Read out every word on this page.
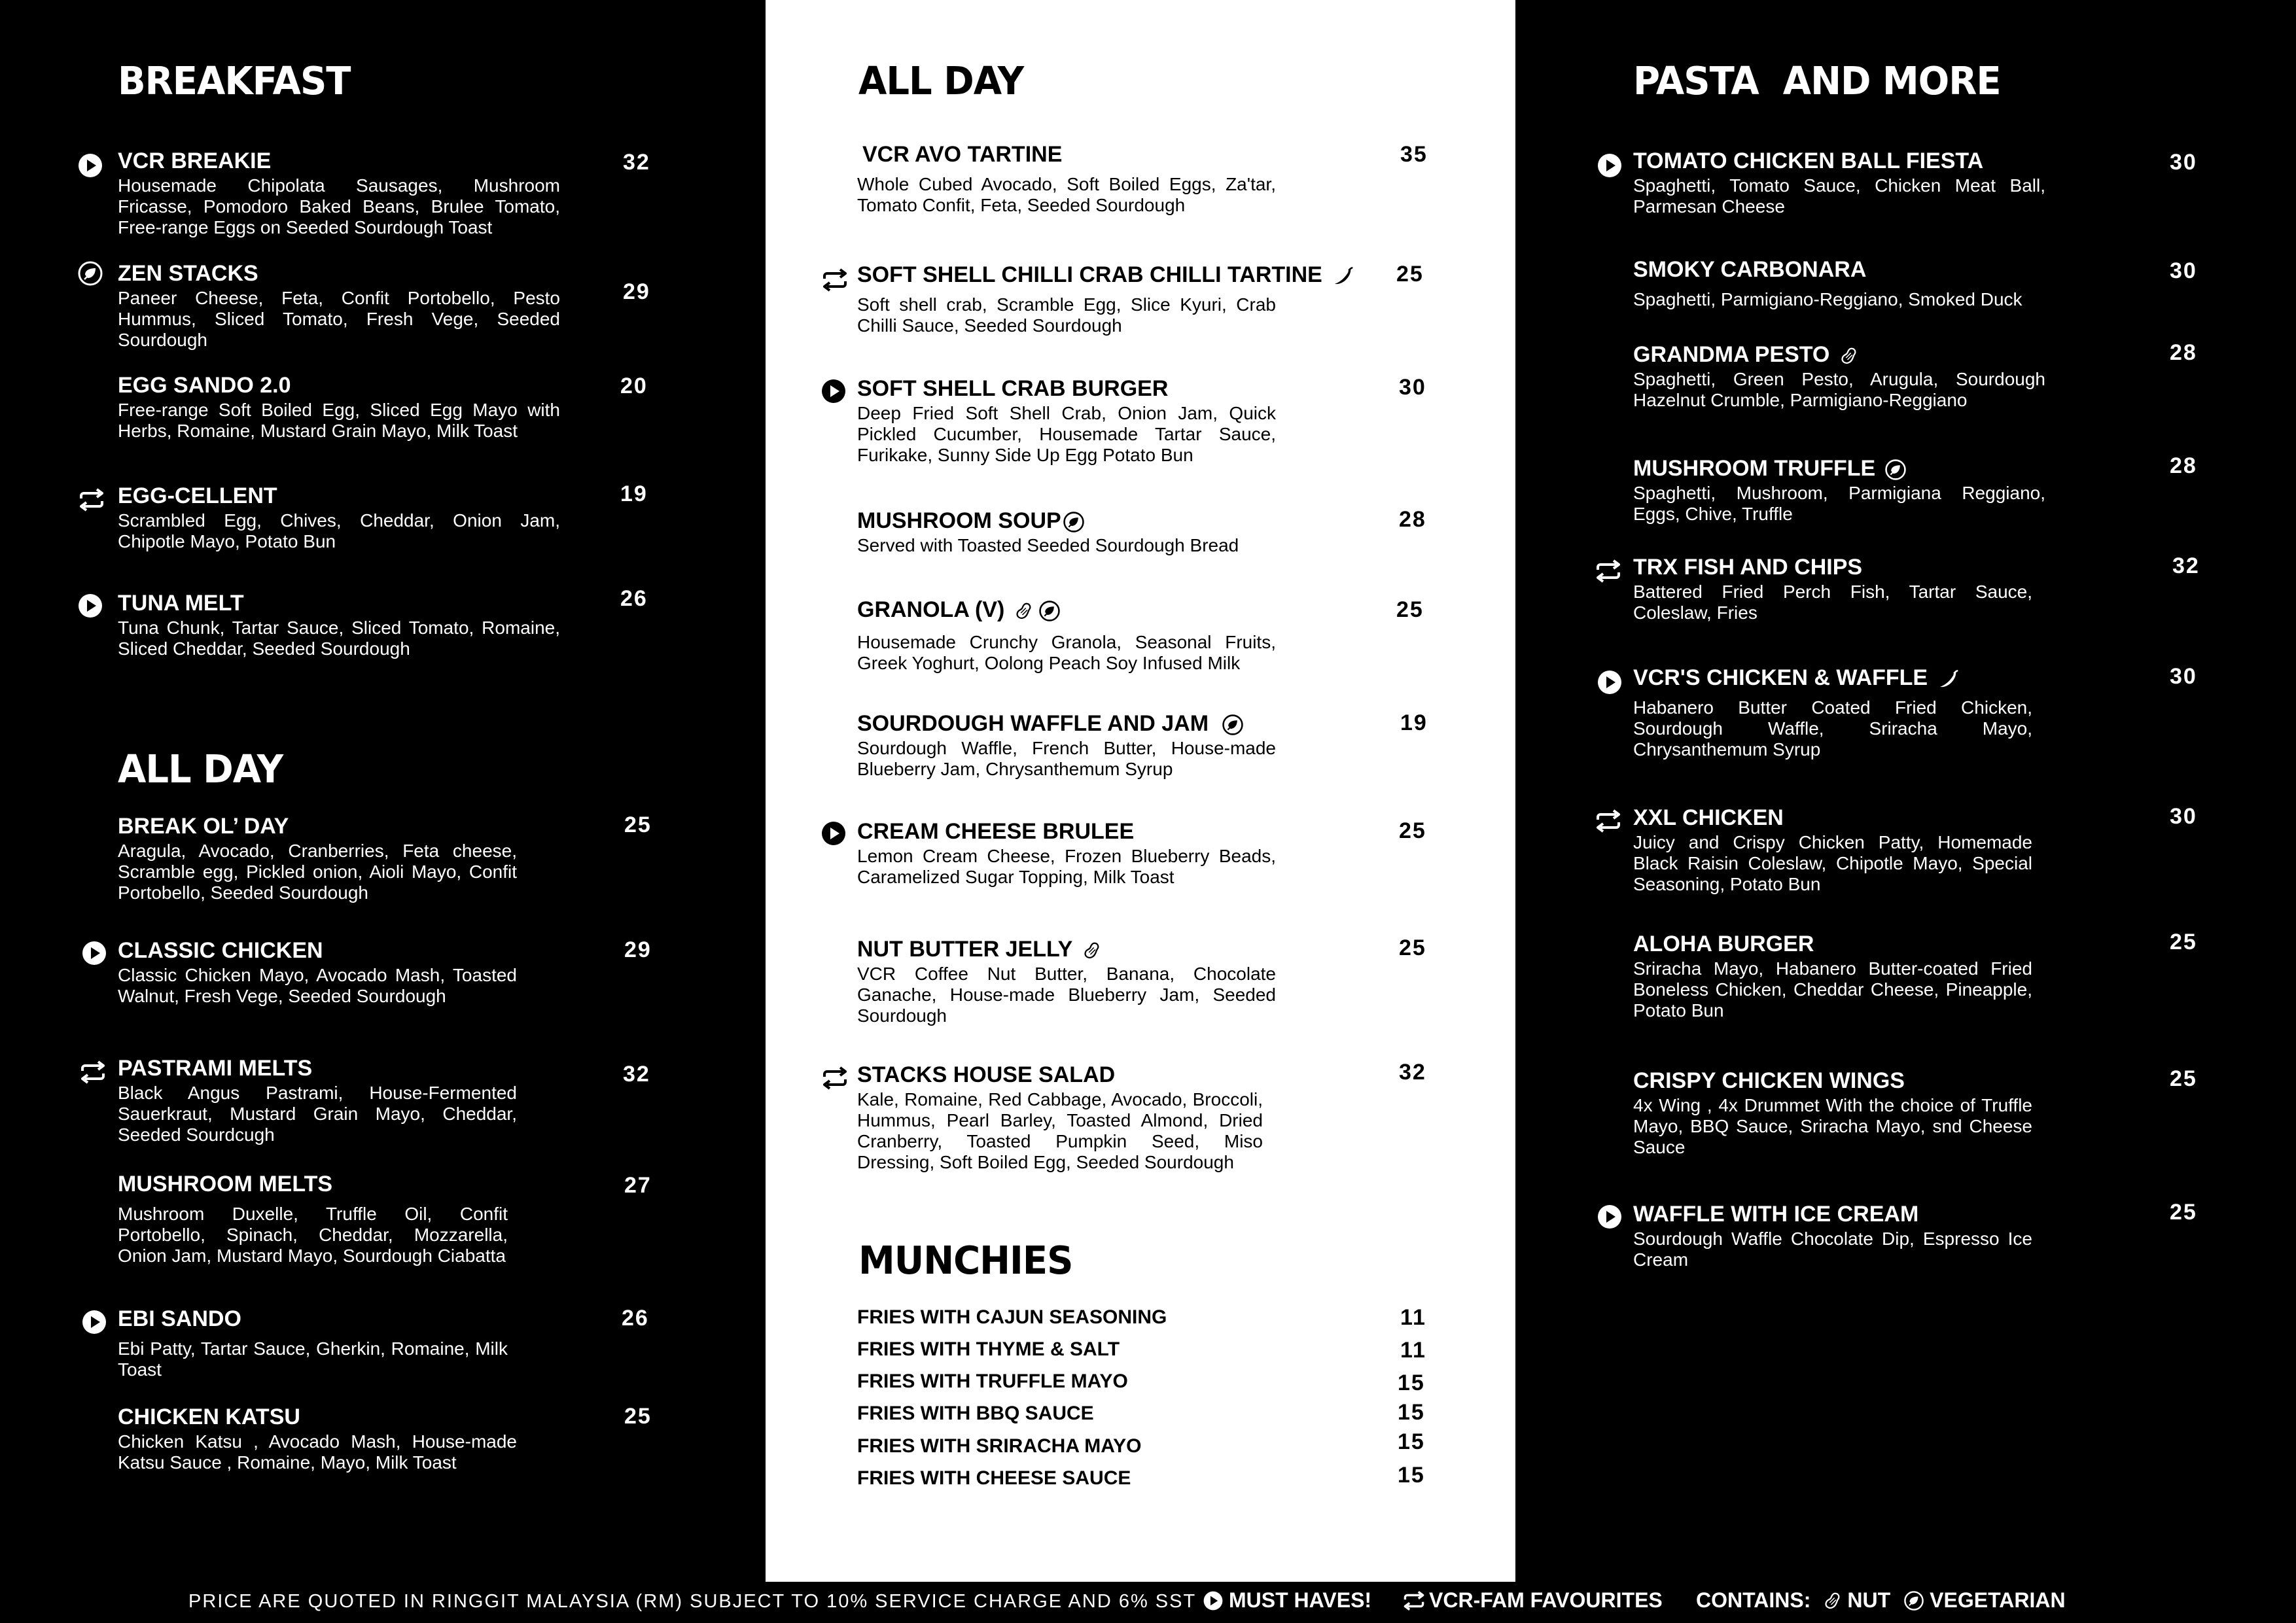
BREAKFAST
VCR BREAKIE
Housemade Chipolata Sausages, Mushroom Fricasse, Pomodoro Baked Beans, Brulee Tomato, Free-range Eggs on Seeded Sourdough Toast
32
ZEN STACKS
Paneer Cheese, Feta, Confit Portobello, Pesto Hummus, Sliced Tomato, Fresh Vege, Seeded Sourdough
29
EGG SANDO 2.0
Free-range Soft Boiled Egg, Sliced Egg Mayo with Herbs, Romaine, Mustard Grain Mayo, Milk Toast
20
EGG-CELLENT
Scrambled Egg, Chives, Cheddar, Onion Jam, Chipotle Mayo, Potato Bun
19
TUNA MELT
Tuna Chunk, Tartar Sauce, Sliced Tomato, Romaine, Sliced Cheddar, Seeded Sourdough
26
ALL DAY
BREAK OL’ DAY
Aragula, Avocado, Cranberries, Feta cheese, Scramble egg, Pickled onion, Aioli Mayo, Confit Portobello, Seeded Sourdough
25
CLASSIC CHICKEN
Classic Chicken Mayo, Avocado Mash, Toasted Walnut, Fresh Vege, Seeded Sourdough
29
PASTRAMI MELTS
Black Angus Pastrami, House-Fermented Sauerkraut, Mustard Grain Mayo, Cheddar, Seeded Sourdcugh
32
MUSHROOM MELTS
Mushroom Duxelle, Truffle Oil, Confit Portobello, Spinach, Cheddar, Mozzarella, Onion Jam, Mustard Mayo, Sourdough Ciabatta
27
EBI SANDO
Ebi Patty, Tartar Sauce, Gherkin, Romaine, Milk Toast
26
CHICKEN KATSU
Chicken Katsu , Avocado Mash, House-made Katsu Sauce , Romaine, Mayo, Milk Toast
25
ALL DAY
VCR AVO TARTINE
Whole Cubed Avocado, Soft Boiled Eggs, Za'tar, Tomato Confit, Feta, Seeded Sourdough
35
SOFT SHELL CHILLI CRAB CHILLI TARTINE
Soft shell crab, Scramble Egg, Slice Kyuri, Crab Chilli Sauce, Seeded Sourdough
25
SOFT SHELL CRAB BURGER
Deep Fried Soft Shell Crab, Onion Jam, Quick Pickled Cucumber, Housemade Tartar Sauce, Furikake, Sunny Side Up Egg Potato Bun
30
MUSHROOM SOUP
Served with Toasted Seeded Sourdough Bread
28
GRANOLA (V)
Housemade Crunchy Granola, Seasonal Fruits, Greek Yoghurt, Oolong Peach Soy Infused Milk
25
SOURDOUGH WAFFLE AND JAM
Sourdough Waffle, French Butter, House-made Blueberry Jam, Chrysanthemum Syrup
19
CREAM CHEESE BRULEE
Lemon Cream Cheese, Frozen Blueberry Beads, Caramelized Sugar Topping, Milk Toast
25
NUT BUTTER JELLY
VCR Coffee Nut Butter, Banana, Chocolate Ganache, House-made Blueberry Jam, Seeded Sourdough
25
STACKS HOUSE SALAD
Kale, Romaine, Red Cabbage, Avocado, Broccoli, Hummus, Pearl Barley, Toasted Almond, Dried Cranberry, Toasted Pumpkin Seed, Miso Dressing, Soft Boiled Egg, Seeded Sourdough
32
MUNCHIES
FRIES WITH CAJUN SEASONING	11
FRIES WITH THYME & SALT	11
FRIES WITH TRUFFLE MAYO	15
FRIES WITH BBQ SAUCE	15
FRIES WITH SRIRACHA MAYO	15
FRIES WITH CHEESE SAUCE	15
PASTA  AND MORE
TOMATO CHICKEN BALL FIESTA
Spaghetti, Tomato Sauce, Chicken Meat Ball, Parmesan Cheese
30
SMOKY CARBONARA
Spaghetti, Parmigiano-Reggiano, Smoked Duck
30
GRANDMA PESTO
Spaghetti, Green Pesto, Arugula, Sourdough Hazelnut Crumble, Parmigiano-Reggiano
28
MUSHROOM TRUFFLE
Spaghetti, Mushroom, Parmigiana Reggiano, Eggs, Chive, Truffle
28
TRX FISH AND CHIPS
Battered Fried Perch Fish, Tartar Sauce, Coleslaw, Fries
32
VCR'S CHICKEN & WAFFLE
Habanero Butter Coated Fried Chicken, Sourdough Waffle, Sriracha Mayo, Chrysanthemum Syrup
30
XXL CHICKEN
Juicy and Crispy Chicken Patty, Homemade Black Raisin Coleslaw, Chipotle Mayo, Special Seasoning, Potato Bun
30
ALOHA BURGER
Sriracha Mayo, Habanero Butter-coated Fried Boneless Chicken, Cheddar Cheese, Pineapple, Potato Bun
25
CRISPY CHICKEN WINGS
4x Wing , 4x Drummet With the choice of Truffle Mayo, BBQ Sauce, Sriracha Mayo, snd Cheese Sauce
25
WAFFLE WITH ICE CREAM
Sourdough Waffle Chocolate Dip, Espresso Ice Cream
25
PRICE ARE QUOTED IN RINGGIT MALAYSIA (RM) SUBJECT TO 10% SERVICE CHARGE AND 6% SST MUST HAVES!	VCR-FAM FAVOURITES CONTAINS: NUT VEGETARIAN
